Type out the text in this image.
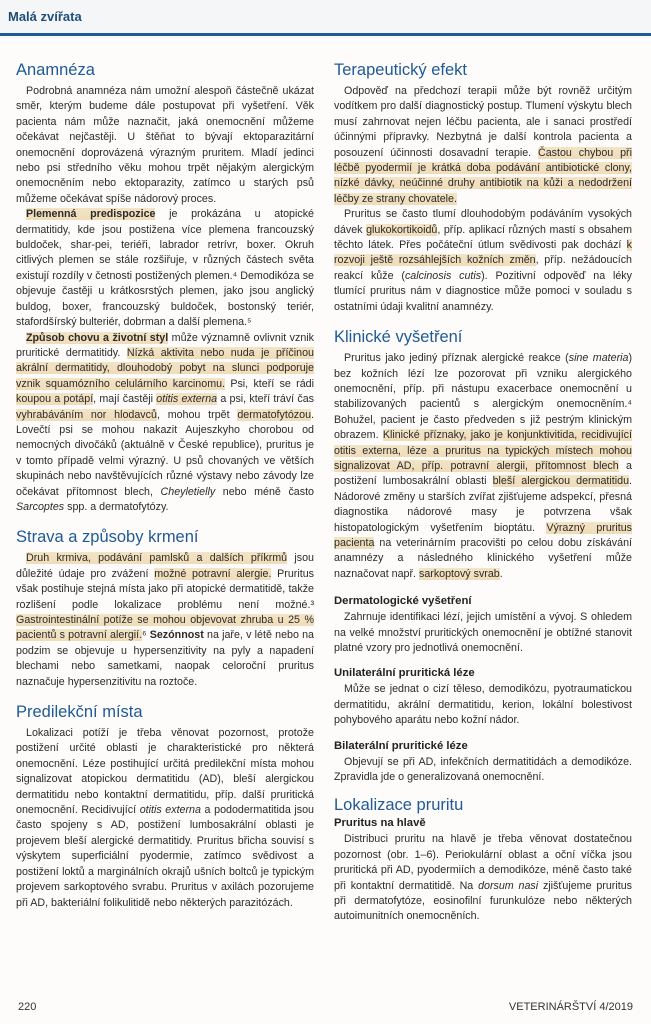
Malá zvířata
Anamnéza

Podrobná anamnéza nám umožní alespoň částečně ukázat směr, kterým budeme dále postupovat při vyšetření. Věk pacienta nám může naznačit, jaká onemocnění můžeme očekávat nejčastěji. U štěňat to bývají ektoparazitární onemocnění doprovázená výrazným pruritem. Mladí jedinci nebo psi středního věku mohou trpět nějakým alergickým onemocněním nebo ektoparazity, zatímco u starých psů můžeme očekávat spíše nádorový proces.

Plemenná predispozice je prokázána u atopické dermatitidy, kde jsou postižena více plemena francouzský buldoček, shar-pei, teriéři, labrador retrívr, boxer. Okruh citlivých plemen se stále rozšiřuje, v různých částech světa existují rozdíly v četnosti postižených plemen.⁴ Demodikóza se objevuje častěji u krátkosrstých plemen, jako jsou anglický buldog, boxer, francouzský buldoček, bostonský teriér, stafordšírský bulteriér, dobrman a další plemena.⁵

Způsob chovu a životní styl může významně ovlivnit vznik pruritické dermatitidy. Nízká aktivita nebo nuda je příčinou akrální dermatitidy, dlouhodobý pobyt na slunci podporuje vznik squamózního celulárního karcinomu. Psi, kteří se rádi koupou a potápí, mají častěji otitis externa a psi, kteří tráví čas vyhrabáváním nor hlodavců, mohou trpět dermatofytózou. Lovečtí psi se mohou nakazit Aujeszkyho chorobou od nemocných divočáků (aktuálně v České republice), pruritus je v tomto případě velmi výrazný. U psů chovaných ve větších skupinách nebo navštěvujících různé výstavy nebo závody lze očekávat přítomnost blech, Cheyletielly nebo méně často Sarcoptes spp. a dermatofytózy.

Strava a způsoby krmení

Druh krmiva, podávání pamlsků a dalších příkrmů jsou důležité údaje pro zvážení možné potravní alergie. Pruritus však postihuje stejná místa jako při atopické dermatitidě, takže rozlišení podle lokalizace problému není možné.³ Gastrointestinální potíže se mohou objevovat zhruba u 25 % pacientů s potravní alergií.⁶ Sezónnost na jaře, v létě nebo na podzim se objevuje u hypersenzitivity na pyly a napadení blechami nebo sametkami, naopak celoroční pruritus naznačuje hypersenzitivitu na roztoče.

Predilekční místa

Lokalizaci potíží je třeba věnovat pozornost, protože postižení určité oblasti je charakteristické pro některá onemocnění. Léze postihující určitá predilekční místa mohou signalizovat atopickou dermatitidu (AD), bleší alergickou dermatitidu nebo kontaktní dermatitidu, příp. další pruritická onemocnění. Recidivující otitis externa a pododermatitida jsou často spojeny s AD, postižení lumbosakrální oblasti je projevem bleší alergické dermatitidy. Pruritus břicha souvisí s výskytem superficiální pyodermie, zatímco svědivost a postižení loktů a marginálních okrajů ušních boltců je typickým projevem sarkoptového svrabu. Pruritus v axilách pozorujeme při AD, bakteriální folikulitidě nebo některých parazitózách.

Terapeutický efekt

Odpověď na předchozí terapii může být rovněž určitým vodítkem pro další diagnostický postup. Tlumení výskytu blech musí zahrnovat nejen léčbu pacienta, ale i sanaci prostředí účinnými přípravky. Nezbytná je další kontrola pacienta a posouzení účinnosti dosavadní terapie. Častou chybou při léčbě pyodermií je krátká doba podávání antibiotické clony, nízké dávky, neúčinné druhy antibiotik na kůži a nedodržení léčby ze strany chovatele.

Pruritus se často tlumí dlouhodobým podáváním vysokých dávek glukokortikoidů, příp. aplikací různých mastí s obsahem těchto látek. Přes počáteční útlum svědivosti pak dochází k rozvoji ještě rozsáhlejších kožních změn, příp. nežádoucích reakcí kůže (calcinosis cutis). Pozitivní odpověď na léky tlumící pruritus nám v diagnostice může pomoci v souladu s ostatními údaji kvalitní anamnézy.

Klinické vyšetření

Pruritus jako jediný příznak alergické reakce (sine materia) bez kožních lézí lze pozorovat při vzniku alergického onemocnění, příp. při nástupu exacerbace onemocnění u stabilizovaných pacientů s alergickým onemocněním.⁴ Bohužel, pacient je často předveden s již pestrým klinickým obrazem. Klinické příznaky, jako je konjunktivitida, recidivující otitis externa, léze a pruritus na typických místech mohou signalizovat AD, příp. potravní alergii, přítomnost blech a postižení lumbosakrální oblasti bleší alergickou dermatitidu. Nádorové změny u starších zvířat zjišťujeme adspekcí, přesná diagnostika nádorové masy je potvrzena však histopatologickým vyšetřením bioptátu. Výrazný pruritus pacienta na veterinárním pracovišti po celou dobu získávání anamnézy a následného klinického vyšetření může naznačovat např. sarkoptový svrab.

Dermatologické vyšetření

Zahrnuje identifikaci lézí, jejich umístění a vývoj. S ohledem na velké množství pruritických onemocnění je obtížné stanovit platné vzory pro jednotlivá onemocnění.

Unilaterální pruritická léze

Může se jednat o cizí těleso, demodikózu, pyotraumatickou dermatitidu, akrální dermatitidu, kerion, lokální bolestivost pohybového aparátu nebo kožní nádor.

Bilaterální pruritické léze

Objevují se při AD, infekčních dermatitidách a demodikóze. Zpravidla jde o generalizovaná onemocnění.

Lokalizace pruritu
Pruritus na hlavě

Distribuci pruritu na hlavě je třeba věnovat dostatečnou pozornost (obr. 1–6). Periokulární oblast a oční víčka jsou pruritická při AD, pyodermiích a demodikóze, méně často také při kontaktní dermatitidě. Na dorsum nasi zjišťujeme pruritus při dermatofytóze, eosinofilní furunkulóze nebo některých autoimunitních onemocněních.

220	VETERINÁRŠTVÍ 4/2019
